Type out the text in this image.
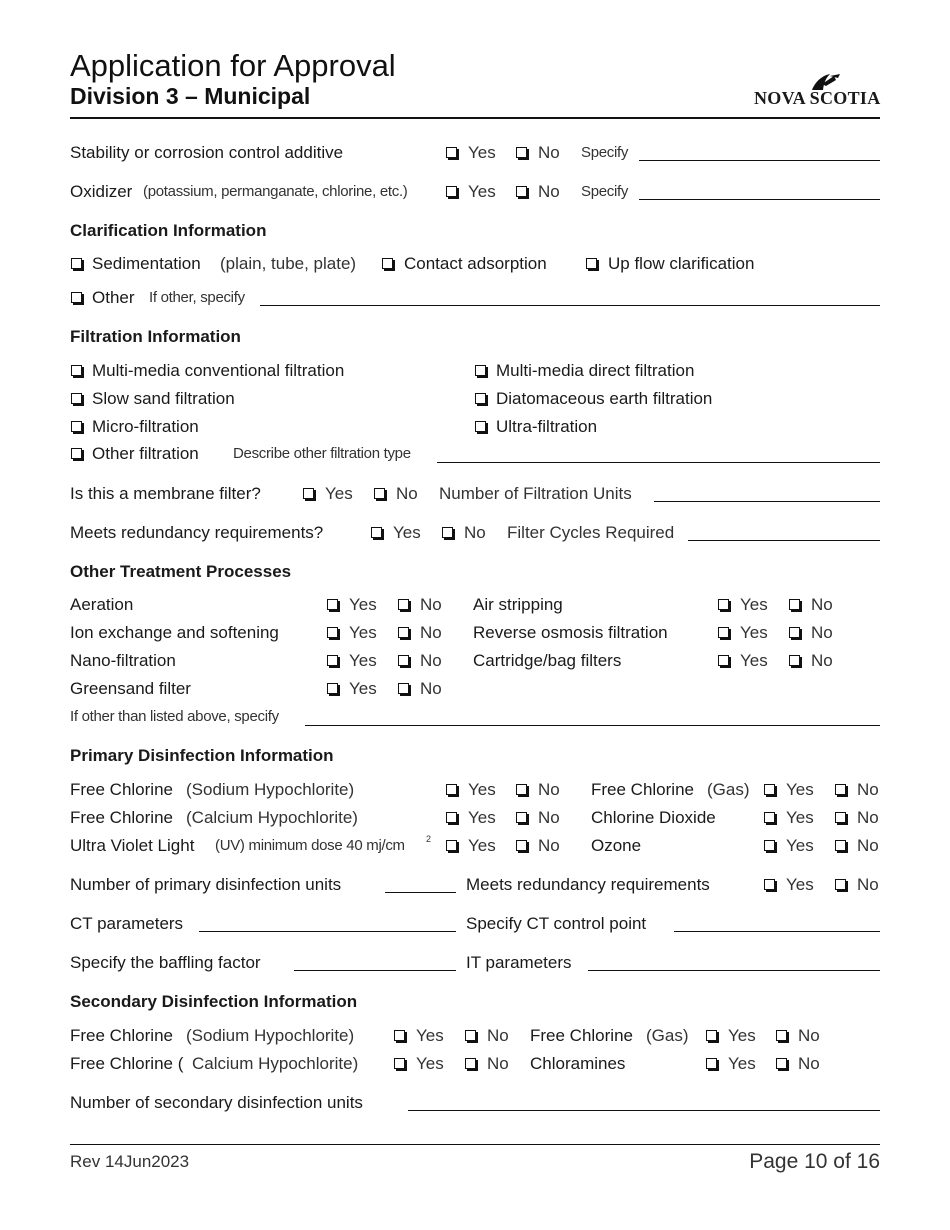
Application for Approval
Division 3 – Municipal	NOVA SCOTIA
Stability or corrosion control additive	Yes No Specify
Oxidizer (potassium, permanganate, chlorine, etc.)	Yes No Specify
Clarification Information
Sedimentation (plain, tube, plate)	Contact adsorption	Up flow clarification
Other If other, specify
Filtration Information
Multi-media conventional filtration	Multi-media direct filtration
Slow sand filtration	Diatomaceous earth filtration
Micro-filtration	Ultra-filtration
Other filtration Describe other filtration type
Is this a membrane filter?	Yes	No Number of Filtration Units
Meets redundancy requirements?	Yes	No Filter Cycles Required
Other Treatment Processes
Aeration	Yes	No Air stripping	Yes	No
Ion exchange and softening	Yes	No Reverse osmosis filtration	Yes	No
Nano-filtration	Yes	No Cartridge/bag filters	Yes	No
Greensand filter	Yes	No
If other than listed above, specify
Primary Disinfection Information
Free Chlorine (Sodium Hypochlorite)	Yes No Free Chlorine (Gas) Yes	No
Free Chlorine (Calcium Hypochlorite)	Yes No Chlorine Dioxide	Yes	No
Ultra Violet Light (UV) minimum dose 40 mj/cm 2 Yes No Ozone	Yes	No
Number of primary disinfection units	Meets redundancy requirements	Yes	No
CT parameters	Specify CT control point
Specify the baffling factor	IT parameters
Secondary Disinfection Information
Free Chlorine (Sodium Hypochlorite)	Yes	No Free Chlorine (Gas) Yes No
Free Chlorine ( Calcium Hypochlorite)	Yes	No Chloramines	Yes No
Number of secondary disinfection units
Rev 14Jun2023	Page 10 of 16
